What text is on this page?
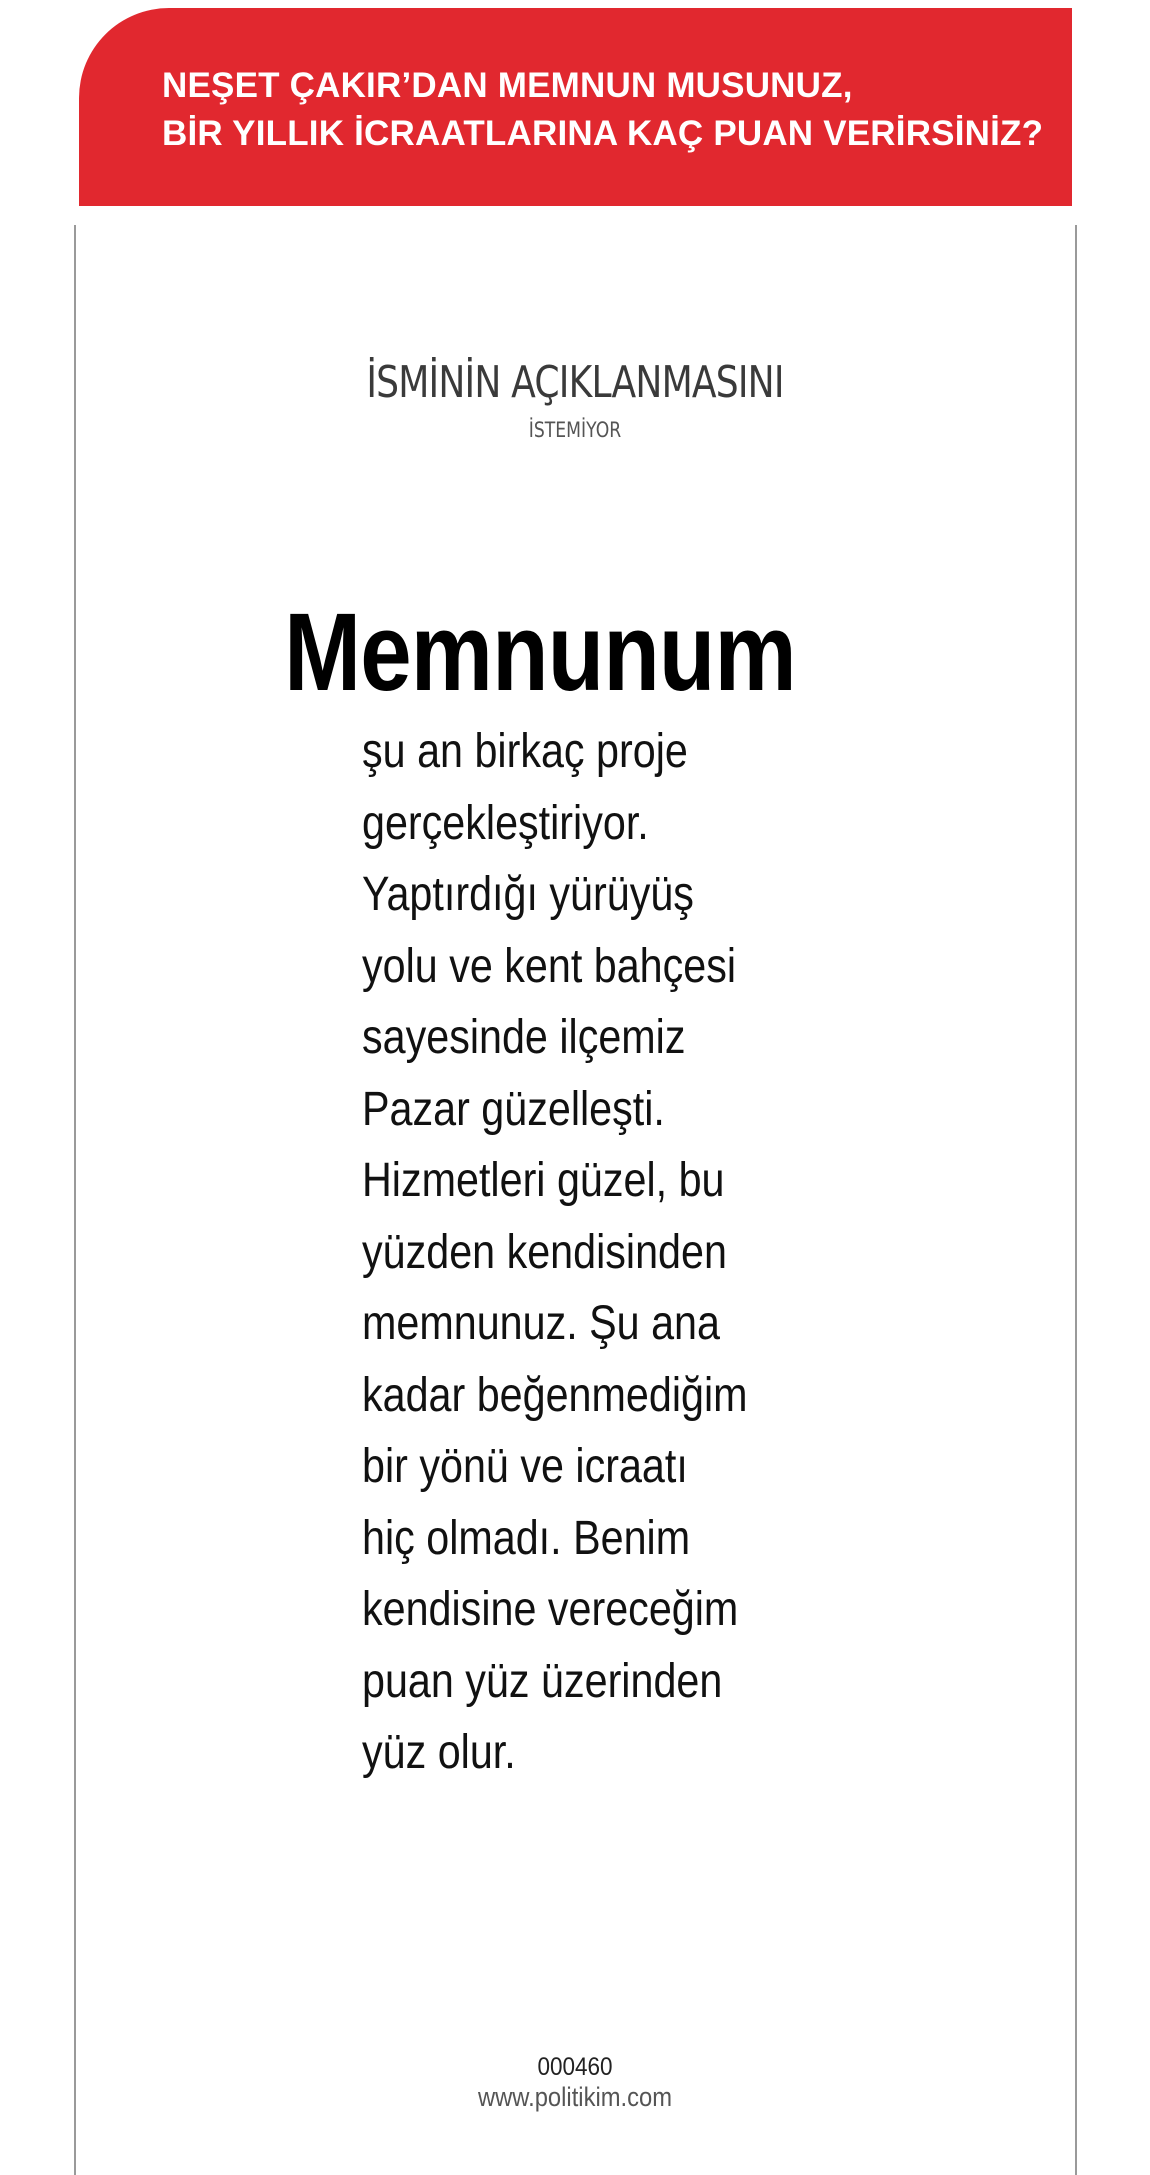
NEŞET ÇAKIR’DAN MEMNUN MUSUNUZ,
BİR YILLIK İCRAATLARINA KAÇ PUAN VERİRSİNİZ?
İSMİNİN AÇIKLANMASINI
İSTEMİYOR
Memnunum
şu an birkaç proje
gerçekleştiriyor.
Yaptırdığı yürüyüş
yolu ve kent bahçesi
sayesinde ilçemiz
Pazar güzelleşti.
Hizmetleri güzel, bu
yüzden kendisinden
memnunuz. Şu ana
kadar beğenmediğim
bir yönü ve icraatı
hiç olmadı. Benim
kendisine vereceğim
puan yüz üzerinden
yüz olur.
000460
www.politikim.com
